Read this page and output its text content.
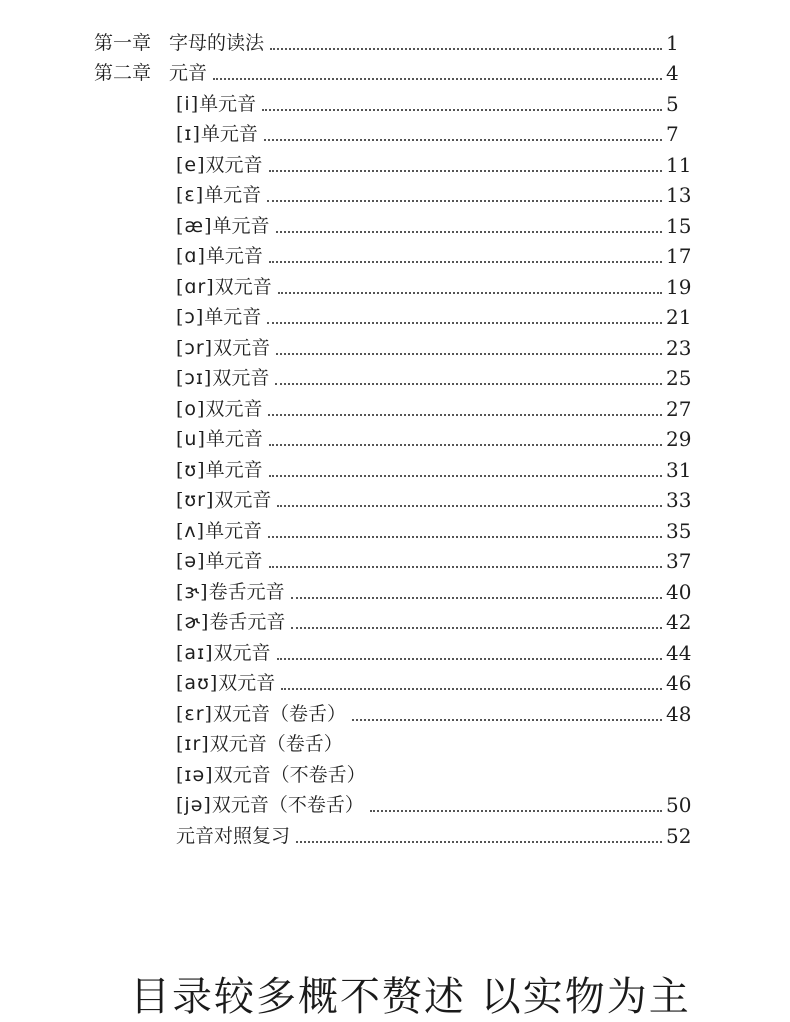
第一章 字母的读法	1
第二章 元音	4
[i] 单元音	5
[ɪ] 单元音	7
[e] 双元音	11
[ɛ] 单元音	13
[æ] 单元音	15
[ɑ] 单元音	17
[ɑr] 双元音	19
[ɔ] 单元音	21
[ɔr] 双元音	23
[ɔɪ] 双元音	25
[o] 双元音	27
[u] 单元音	29
[ʊ] 单元音	31
[ʊr] 双元音	33
[ʌ] 单元音	35
[ə] 单元音	37
[ɝ] 卷舌元音	40
[ɚ] 卷舌元音	42
[aɪ] 双元音	44
[aʊ] 双元音	46
[ɛr] 双元音（卷舌）	48
[ɪr] 双元音（卷舌）
[ɪə] 双元音（不卷舌）
[jə] 双元音（不卷舌）	50
元音对照复习	52
目录较多概不赘述 以实物为主
